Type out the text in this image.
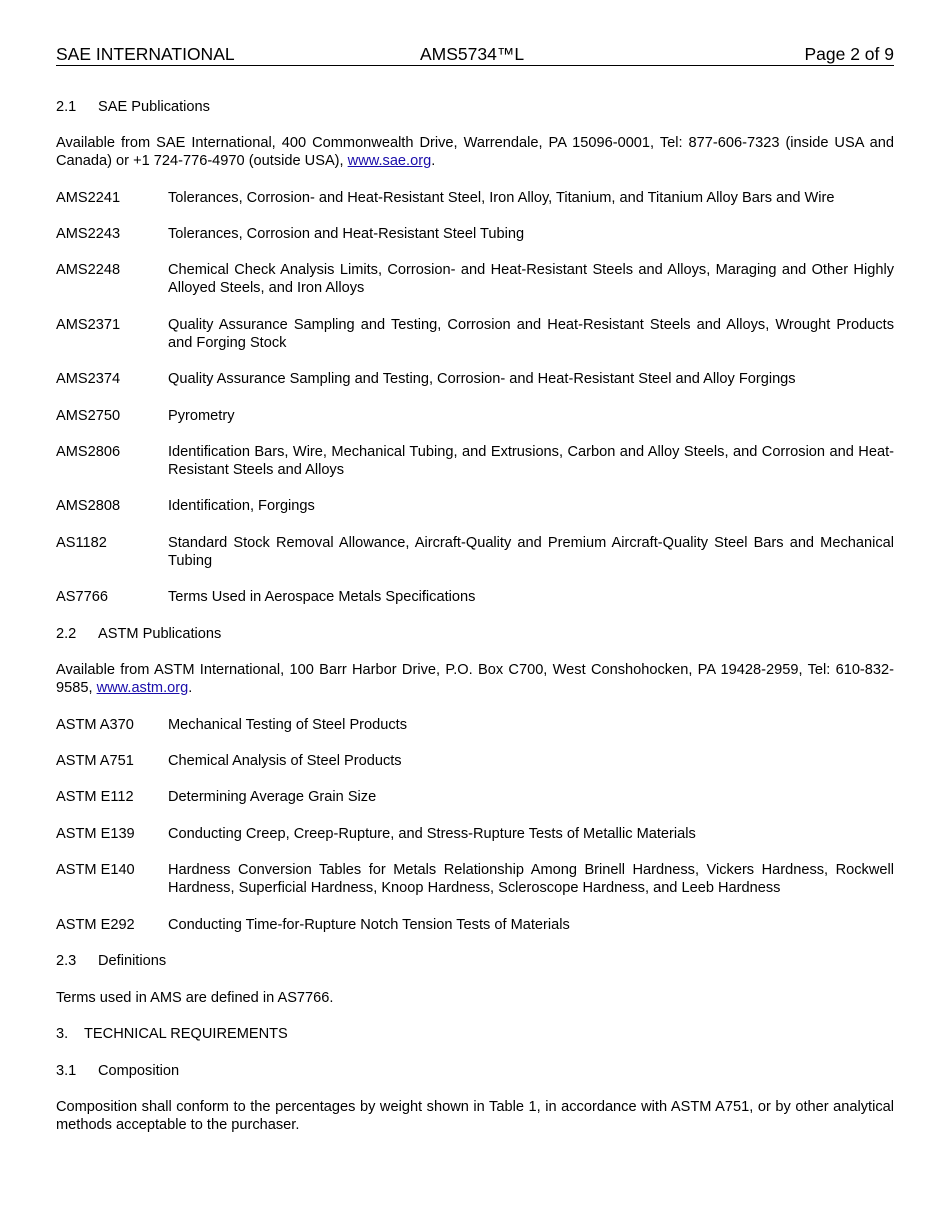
SAE INTERNATIONAL	AMS5734™L	Page 2 of 9
2.1 SAE Publications
Available from SAE International, 400 Commonwealth Drive, Warrendale, PA 15096-0001, Tel: 877-606-7323 (inside USA and Canada) or +1 724-776-4970 (outside USA), www.sae.org.
AMS2241	Tolerances, Corrosion- and Heat-Resistant Steel, Iron Alloy, Titanium, and Titanium Alloy Bars and Wire
AMS2243	Tolerances, Corrosion and Heat-Resistant Steel Tubing
AMS2248	Chemical Check Analysis Limits, Corrosion- and Heat-Resistant Steels and Alloys, Maraging and Other Highly Alloyed Steels, and Iron Alloys
AMS2371	Quality Assurance Sampling and Testing, Corrosion and Heat-Resistant Steels and Alloys, Wrought Products and Forging Stock
AMS2374	Quality Assurance Sampling and Testing, Corrosion- and Heat-Resistant Steel and Alloy Forgings
AMS2750	Pyrometry
AMS2806	Identification Bars, Wire, Mechanical Tubing, and Extrusions, Carbon and Alloy Steels, and Corrosion and Heat-Resistant Steels and Alloys
AMS2808	Identification, Forgings
AS1182	Standard Stock Removal Allowance, Aircraft-Quality and Premium Aircraft-Quality Steel Bars and Mechanical Tubing
AS7766	Terms Used in Aerospace Metals Specifications
2.2 ASTM Publications
Available from ASTM International, 100 Barr Harbor Drive, P.O. Box C700, West Conshohocken, PA 19428-2959, Tel: 610-832-9585, www.astm.org.
ASTM A370	Mechanical Testing of Steel Products
ASTM A751	Chemical Analysis of Steel Products
ASTM E112	Determining Average Grain Size
ASTM E139	Conducting Creep, Creep-Rupture, and Stress-Rupture Tests of Metallic Materials
ASTM E140	Hardness Conversion Tables for Metals Relationship Among Brinell Hardness, Vickers Hardness, Rockwell Hardness, Superficial Hardness, Knoop Hardness, Scleroscope Hardness, and Leeb Hardness
ASTM E292	Conducting Time-for-Rupture Notch Tension Tests of Materials
2.3 Definitions
Terms used in AMS are defined in AS7766.
3. TECHNICAL REQUIREMENTS
3.1 Composition
Composition shall conform to the percentages by weight shown in Table 1, in accordance with ASTM A751, or by other analytical methods acceptable to the purchaser.
